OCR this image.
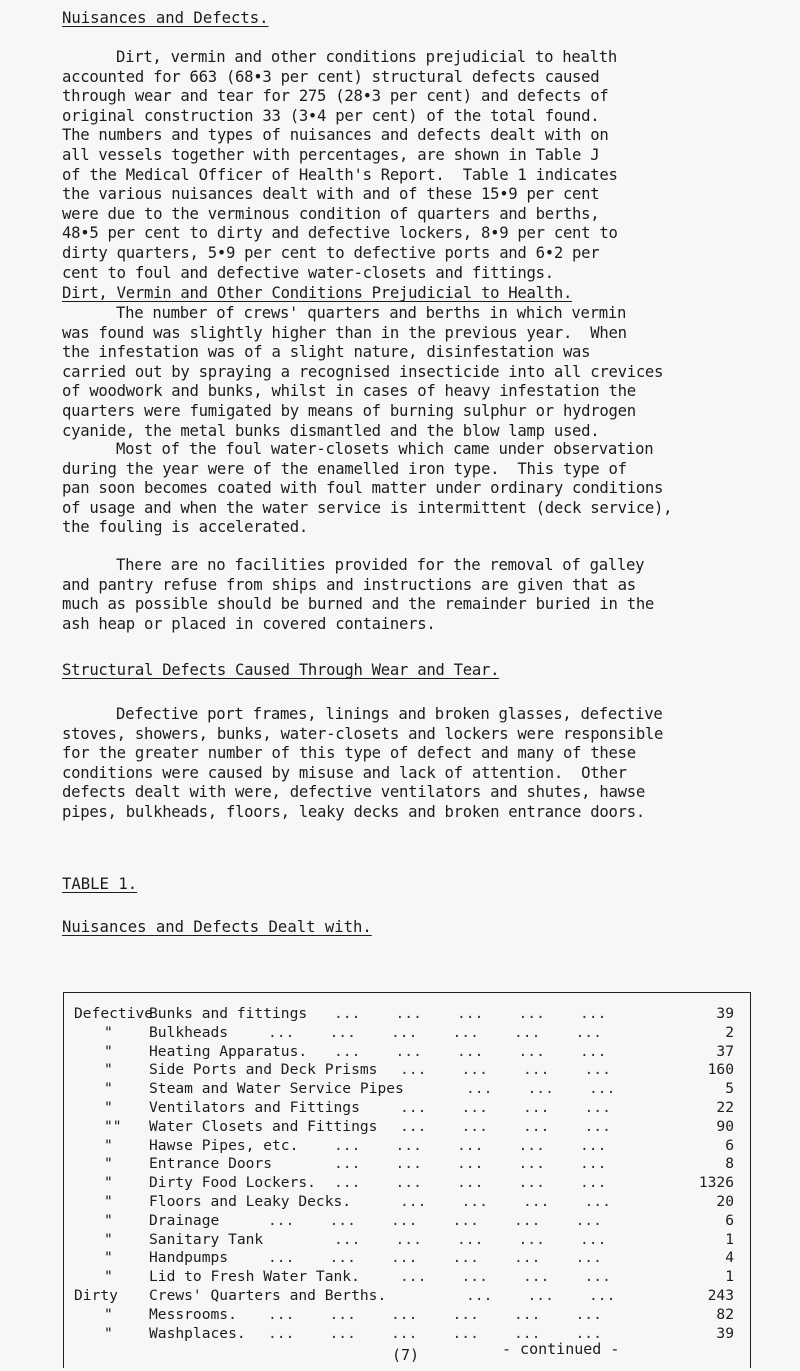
Nuisances and Defects.
Dirt, vermin and other conditions prejudicial to health
accounted for 663 (68•3 per cent) structural defects caused
through wear and tear for 275 (28•3 per cent) and defects of
original construction 33 (3•4 per cent) of the total found.
The numbers and types of nuisances and defects dealt with on
all vessels together with percentages, are shown in Table J
of the Medical Officer of Health's Report.  Table 1 indicates
the various nuisances dealt with and of these 15•9 per cent
were due to the verminous condition of quarters and berths,
48•5 per cent to dirty and defective lockers, 8•9 per cent to
dirty quarters, 5•9 per cent to defective ports and 6•2 per
cent to foul and defective water-closets and fittings.
Dirt, Vermin and Other Conditions Prejudicial to Health.
The number of crews' quarters and berths in which vermin
was found was slightly higher than in the previous year.  When
the infestation was of a slight nature, disinfestation was
carried out by spraying a recognised insecticide into all crevices
of woodwork and bunks, whilst in cases of heavy infestation the
quarters were fumigated by means of burning sulphur or hydrogen
cyanide, the metal bunks dismantled and the blow lamp used.
Most of the foul water-closets which came under observation
during the year were of the enamelled iron type.  This type of
pan soon becomes coated with foul matter under ordinary conditions
of usage and when the water service is intermittent (deck service),
the fouling is accelerated.
There are no facilities provided for the removal of galley
and pantry refuse from ships and instructions are given that as
much as possible should be burned and the remainder buried in the
ash heap or placed in covered containers.
Structural Defects Caused Through Wear and Tear.
Defective port frames, linings and broken glasses, defective
stoves, showers, bunks, water-closets and lockers were responsible
for the greater number of this type of defect and many of these
conditions were caused by misuse and lack of attention.  Other
defects dealt with were, defective ventilators and shutes, hawse
pipes, bulkheads, floors, leaky decks and broken entrance doors.
TABLE 1.
Nuisances and Defects Dealt with.
Defective
Bunks and fittings ...    ...    ...    ...    ...	39
" Bulkheads	...    ...    ...    ...    ...    ...	2
" Heating Apparatus. ...    ...    ...    ...    ...	37
" Side Ports and Deck Prisms ...    ...    ...    ...	160
" Steam and Water Service Pipes	...    ...    ...	5
" Ventilators and Fittings	...    ...    ...    ...	22
"" Water Closets and Fittings ...    ...    ...    ...	90
" Hawse Pipes, etc. ...    ...    ...    ...    ...	6
" Entrance Doors	...    ...    ...    ...    ...	8
" Dirty Food Lockers. ...    ...    ...    ...    ...	1326
" Floors and Leaky Decks.	...    ...    ...    ...	20
" Drainage	...    ...    ...    ...    ...    ...	6
" Sanitary Tank	...    ...    ...    ...    ...	1
" Handpumps	...    ...    ...    ...    ...    ...	4
" Lid to Fresh Water Tank.	...    ...    ...    ...	1
Dirty Crews' Quarters and Berths.	...    ...    ...	243
" Messrooms. ...    ...    ...    ...    ...    ...	82
" Washplaces. ...    ...    ...    ...    ...    ...	39
(7)	- continued -
